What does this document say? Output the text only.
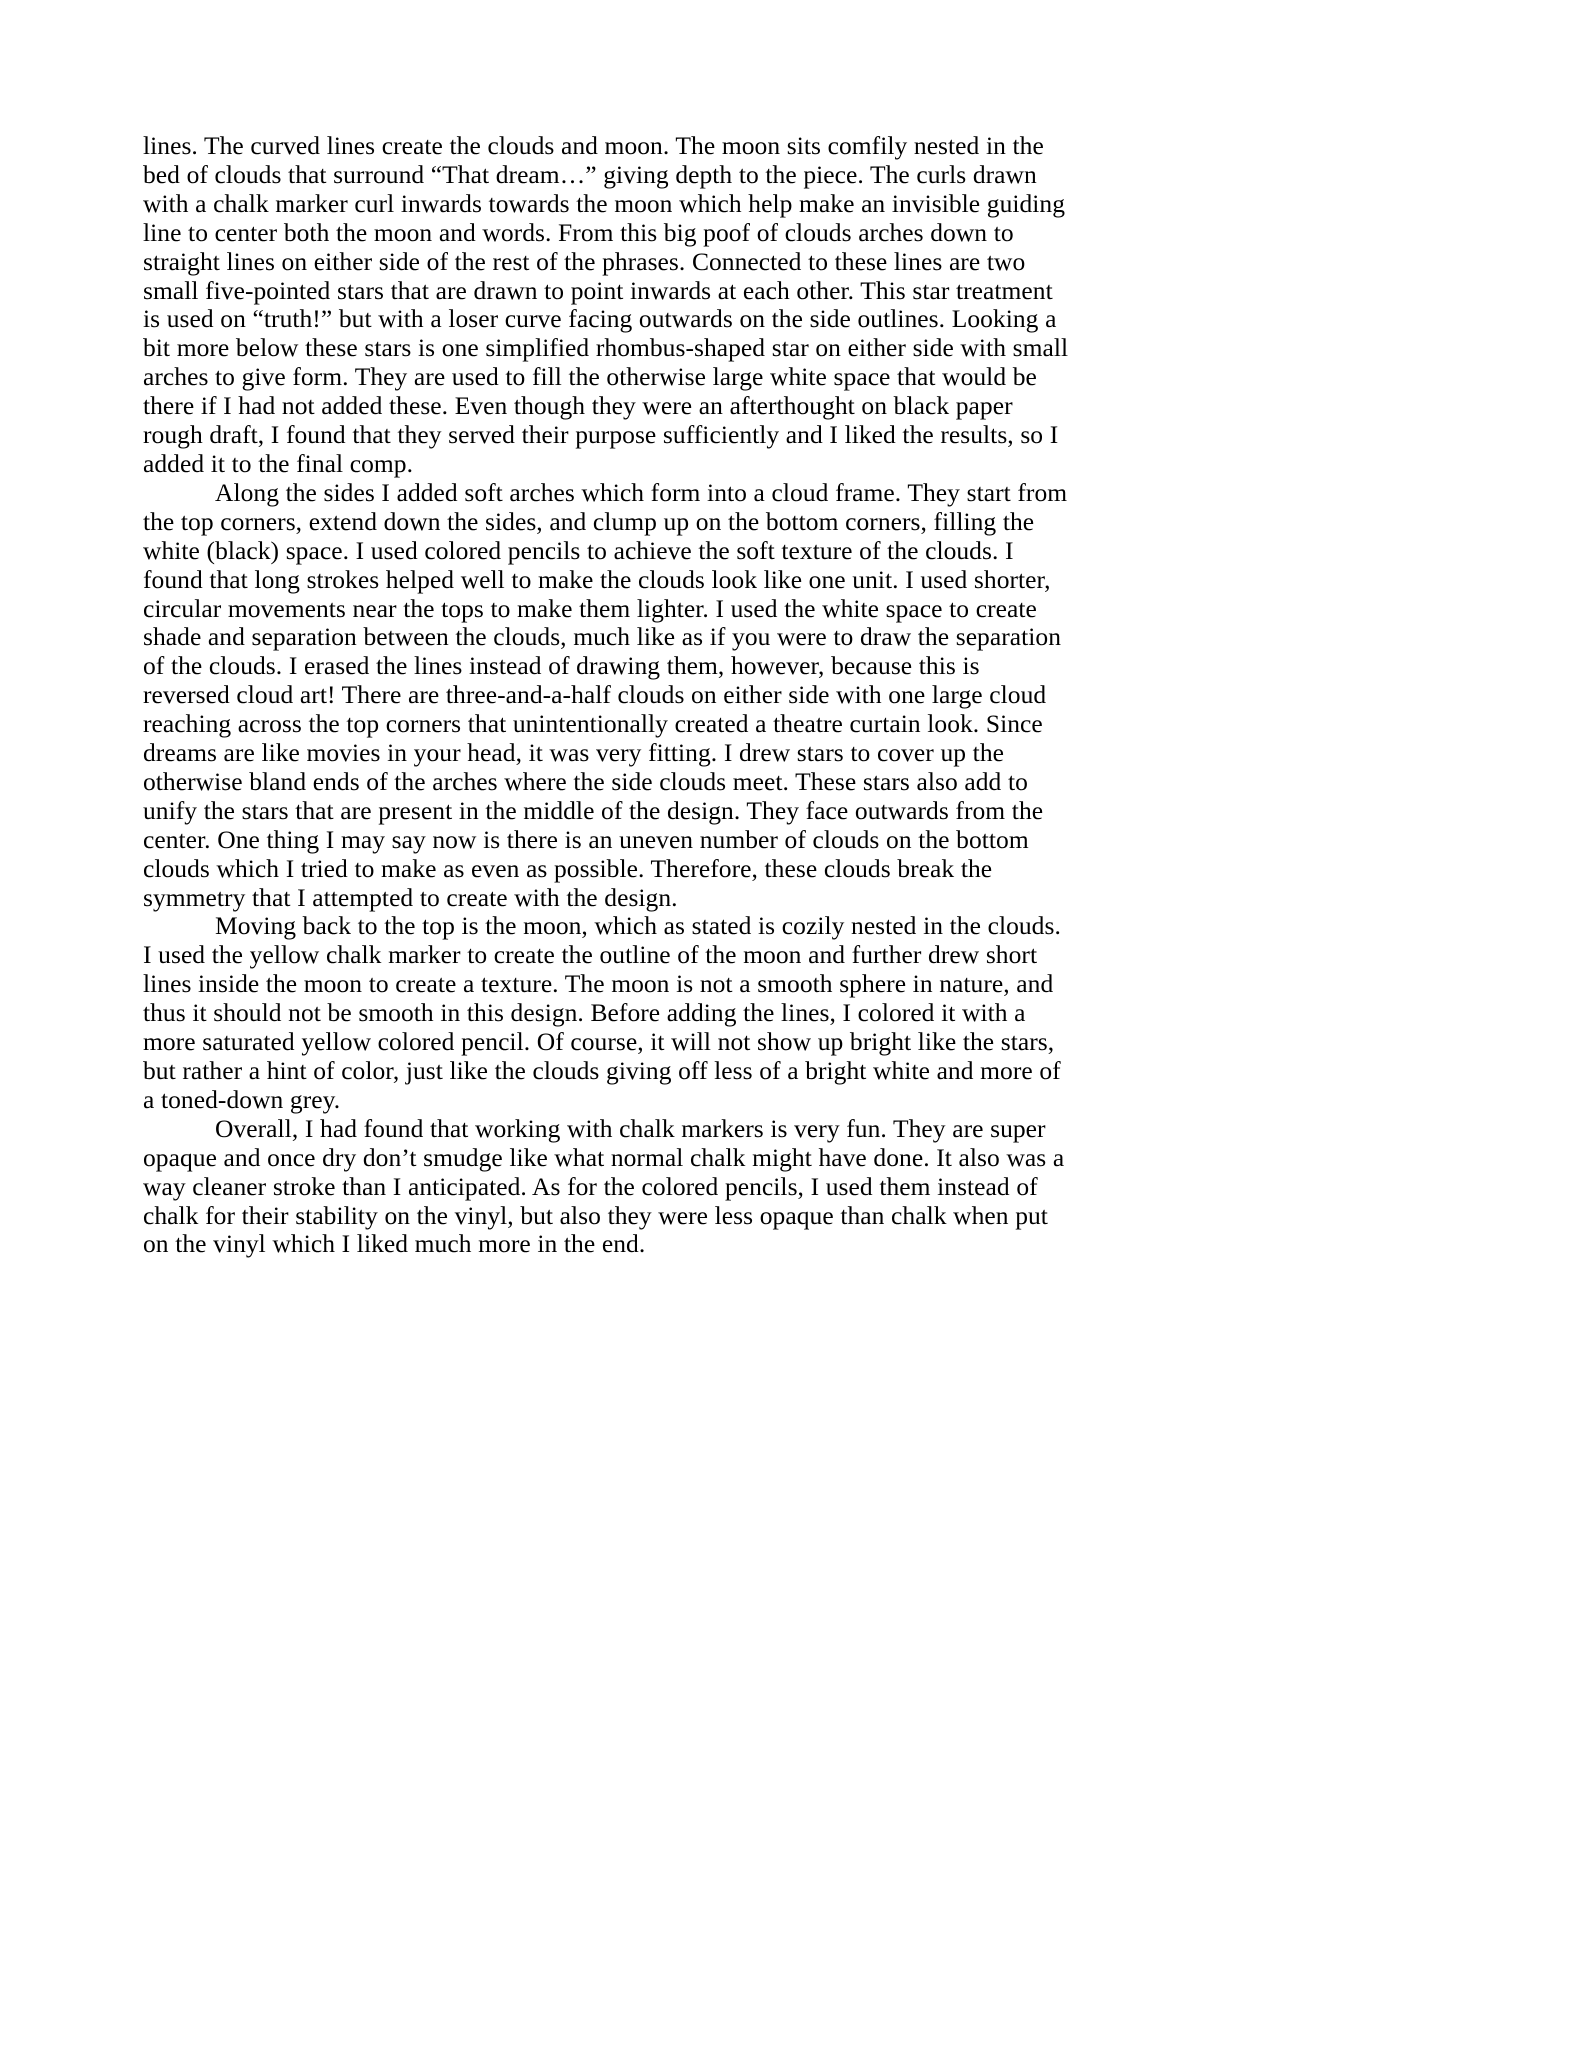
lines. The curved lines create the clouds and moon. The moon sits comfily nested in the bed of clouds that surround “That dream…” giving depth to the piece. The curls drawn with a chalk marker curl inwards towards the moon which help make an invisible guiding line to center both the moon and words. From this big poof of clouds arches down to straight lines on either side of the rest of the phrases. Connected to these lines are two small five-pointed stars that are drawn to point inwards at each other. This star treatment is used on “truth!” but with a loser curve facing outwards on the side outlines. Looking a bit more below these stars is one simplified rhombus-shaped star on either side with small arches to give form. They are used to fill the otherwise large white space that would be there if I had not added these. Even though they were an afterthought on black paper rough draft, I found that they served their purpose sufficiently and I liked the results, so I added it to the final comp.

Along the sides I added soft arches which form into a cloud frame. They start from the top corners, extend down the sides, and clump up on the bottom corners, filling the white (black) space. I used colored pencils to achieve the soft texture of the clouds. I found that long strokes helped well to make the clouds look like one unit. I used shorter, circular movements near the tops to make them lighter. I used the white space to create shade and separation between the clouds, much like as if you were to draw the separation of the clouds. I erased the lines instead of drawing them, however, because this is reversed cloud art! There are three-and-a-half clouds on either side with one large cloud reaching across the top corners that unintentionally created a theatre curtain look. Since dreams are like movies in your head, it was very fitting. I drew stars to cover up the otherwise bland ends of the arches where the side clouds meet. These stars also add to unify the stars that are present in the middle of the design. They face outwards from the center. One thing I may say now is there is an uneven number of clouds on the bottom clouds which I tried to make as even as possible. Therefore, these clouds break the symmetry that I attempted to create with the design.

Moving back to the top is the moon, which as stated is cozily nested in the clouds. I used the yellow chalk marker to create the outline of the moon and further drew short lines inside the moon to create a texture. The moon is not a smooth sphere in nature, and thus it should not be smooth in this design. Before adding the lines, I colored it with a more saturated yellow colored pencil. Of course, it will not show up bright like the stars, but rather a hint of color, just like the clouds giving off less of a bright white and more of a toned-down grey.

Overall, I had found that working with chalk markers is very fun. They are super opaque and once dry don’t smudge like what normal chalk might have done. It also was a way cleaner stroke than I anticipated. As for the colored pencils, I used them instead of chalk for their stability on the vinyl, but also they were less opaque than chalk when put on the vinyl which I liked much more in the end.
